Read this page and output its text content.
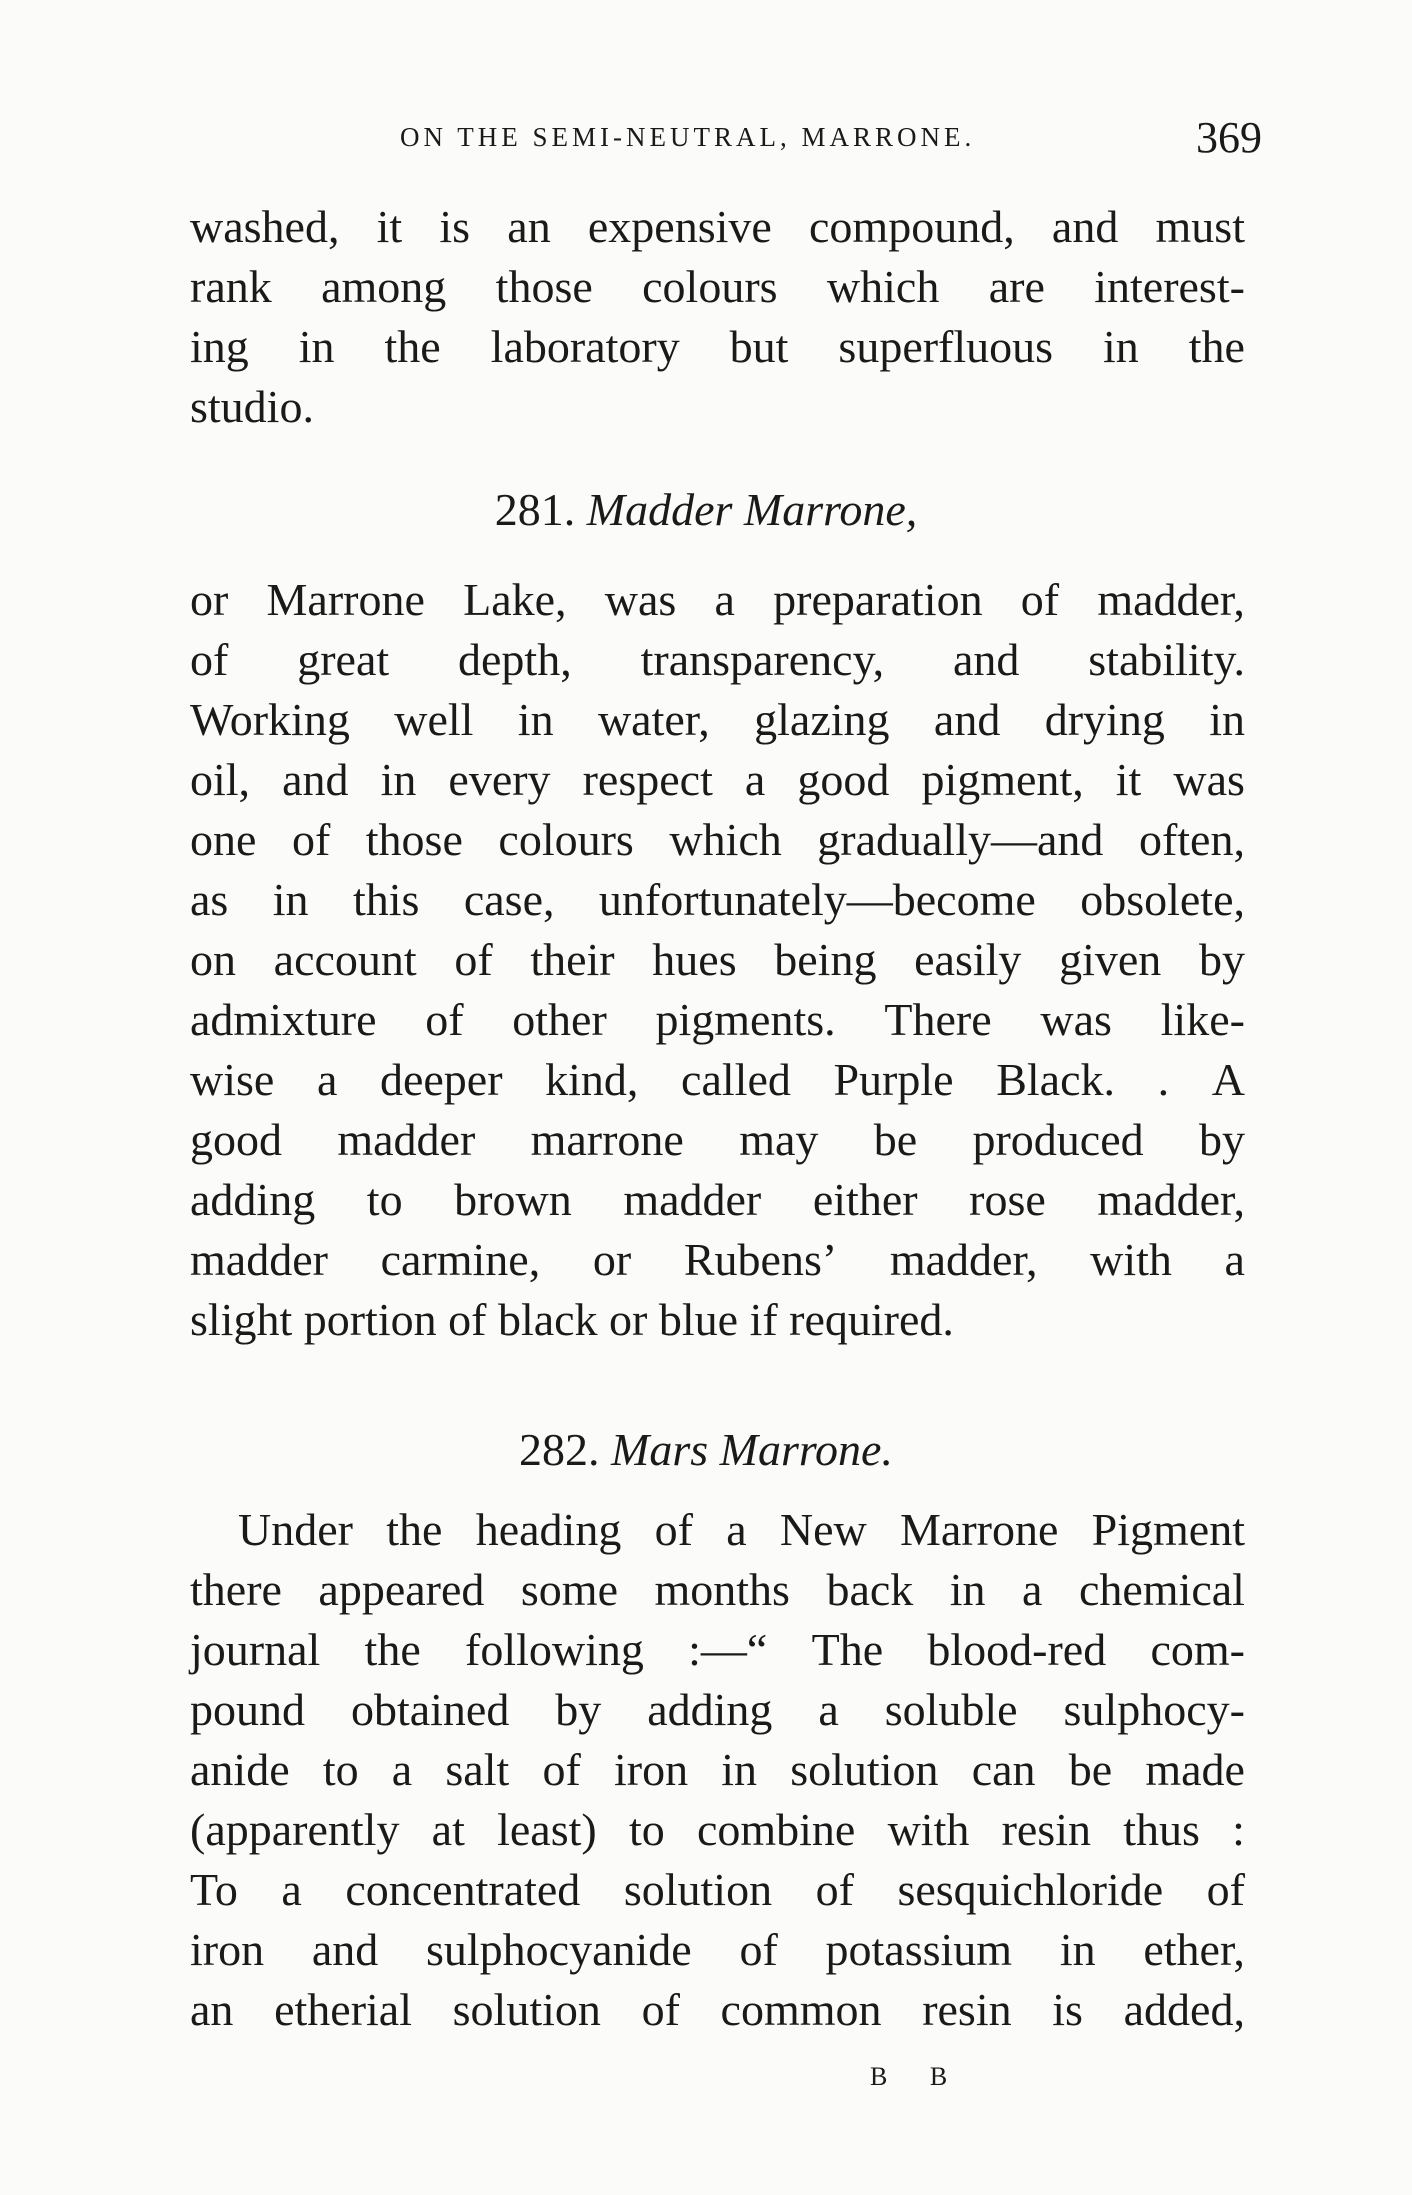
ON THE SEMI-NEUTRAL, MARRONE.	369
washed, it is an expensive compound, and must
rank among those colours which are interest-
ing in the laboratory but superfluous in the
studio.
281. Madder Marrone,
or Marrone Lake, was a preparation of madder,
of great depth, transparency, and stability.
Working well in water, glazing and drying in
oil, and in every respect a good pigment, it was
one of those colours which gradually—and often,
as in this case, unfortunately—become obsolete,
on account of their hues being easily given by
admixture of other pigments. There was like-
wise a deeper kind, called Purple Black. . A
good madder marrone may be produced by
adding to brown madder either rose madder,
madder carmine, or Rubens’ madder, with a
slight portion of black or blue if required.
282. Mars Marrone.
Under the heading of a New Marrone Pigment
there appeared some months back in a chemical
journal the following :—“ The blood-red com-
pound obtained by adding a soluble sulphocy-
anide to a salt of iron in solution can be made
(apparently at least) to combine with resin thus :
To a concentrated solution of sesquichloride of
iron and sulphocyanide of potassium in ether,
an etherial solution of common resin is added,
B B
